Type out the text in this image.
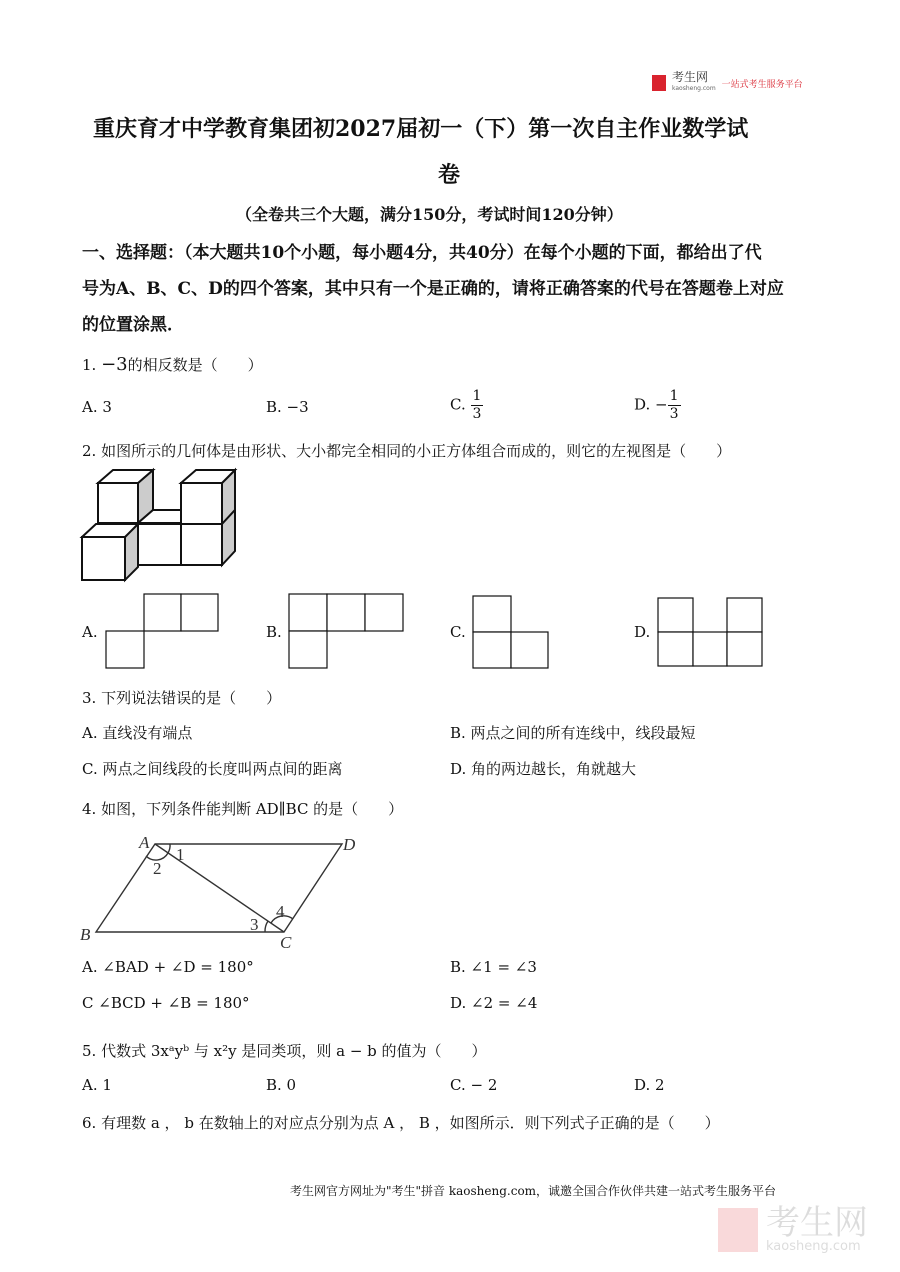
考生网
kaosheng.com 一站式考生服务平台
重庆育才中学教育集团初2027届初一（下）第一次自主作业数学试
卷
（全卷共三个大题，满分150分，考试时间120分钟）
一、选择题：（本大题共10个小题，每小题4分，共40分）在每个小题的下面，都给出了代
号为A、B、C、D的四个答案，其中只有一个是正确的，请将正确答案的代号在答题卷上对应
的位置涂黑．
1. −3的相反数是（　　）
A. 3	B. −3	C. $\frac{1}{3}$	D. − $\frac{1}{3}$
2. 如图所示的几何体是由形状、大小都完全相同的小正方体组合而成的，则它的左视图是（　　）
A.	B.	C.	D.
3. 下列说法错误的是（　　）
A. 直线没有端点	B. 两点之间的所有连线中，线段最短
C. 两点之间线段的长度叫两点间的距离	D. 角的两边越长，角就越大
4. 如图，下列条件能判断 AD∥BC 的是（　　）
A
B	C
D
1
2
3
4
A. ∠BAD + ∠D = 180°	B. ∠1 = ∠3
C ∠BCD + ∠B = 180°	D. ∠2 = ∠4
5. 代数式 3xᵃyᵇ 与 x²y 是同类项，则 a − b 的值为（　　）
A. 1	B. 0	C. − 2	D. 2
6. 有理数 a ， b 在数轴上的对应点分别为点 A ， B ，如图所示．则下列式子正确的是（　　）
考生网官方网址为"考生"拼音 kaosheng.com，诚邀全国合作伙伴共建一站式考生服务平台
考生网
kaosheng.com
